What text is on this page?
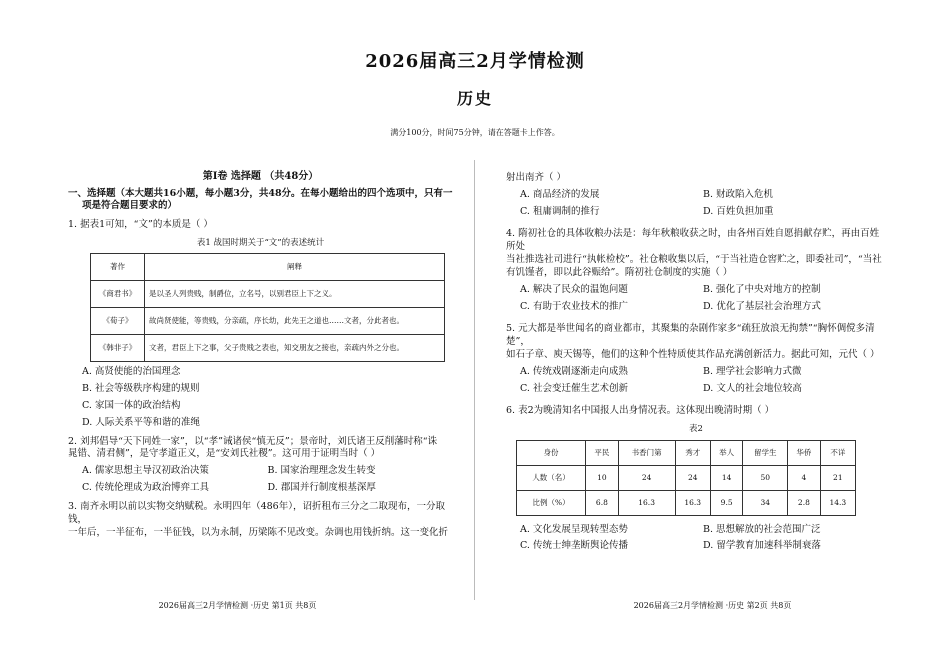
2026届高三2月学情检测
历史
满分100分，时间75分钟，请在答题卡上作答。
第Ⅰ卷 选择题 （共48分）

一、选择题（本大题共16小题，每小题3分，共48分。在每小题给出的四个选项中，只有一

项是符合题目要求的）

1. 据表1可知，“文”的本质是（ ）

表1 战国时期关于“文”的表述统计
著作	阐释
《商君书》	是以圣人列贵贱，制爵位，立名号，以别君臣上下之义。
《荀子》	故尚贤使能，等贵贱，分亲疏，序长幼，此先王之道也……文者，分此者也。
《韩非子》	文者，君臣上下之事，父子贵贱之表也，知交朋友之接也，亲疏内外之分也。

A. 高贤使能的治国理念

B. 社会等级秩序构建的规则

C. 家国一体的政治结构

D. 人际关系平等和谐的准绳

2. 刘邦倡导“天下同姓一家”，以“孝”诫诸侯“慎无反”；景帝时，刘氏诸王反削藩时称“诛

晁错、清君侧”，是守孝道正义，是“安刘氏社稷”。这可用于证明当时（ ）

A. 儒家思想主导汉初政治决策	B. 国家治理理念发生转变
C. 传统伦理成为政治博弈工具	D. 郡国并行制度根基深厚

3. 南齐永明以前以实物交纳赋税。永明四年（486年），诏折租布三分之二取现布，一分取钱，

一年后，一半征布，一半征钱，以为永制，历梁陈不见改变。杂调也用钱折纳。这一变化折

射出南齐（ ）

A. 商品经济的发展	B. 财政陷入危机
C. 租庸调制的推行	D. 百姓负担加重

4. 隋初社仓的具体收粮办法是：每年秋粮收获之时，由各州百姓自愿捐献存贮，再由百姓所处

当社推选社司进行“执帐检校”。社仓粮收集以后，“于当社造仓窖贮之，即委社司”，“当社

有饥馑者，即以此谷赈给”。隋初社仓制度的实施（ ）

A. 解决了民众的温饱问题	B. 强化了中央对地方的控制
C. 有助于农业技术的推广	D. 优化了基层社会治理方式

5. 元大都是举世闻名的商业都市，其聚集的杂剧作家多“疏狂放浪无拘禁”“胸怀倜傥多清楚”，

如石子章、庾天锡等，他们的这种个性特质使其作品充满创新活力。据此可知，元代（ ）

A. 传统戏剧逐渐走向成熟	B. 理学社会影响力式微
C. 社会变迁催生艺术创新	D. 文人的社会地位较高

6. 表2为晚清知名中国报人出身情况表。这体现出晚清时期（ ）

表2
身份	平民	书香门第	秀才	举人	留学生	华侨	不详
人数（名）	10	24	24	14	50	4	21
比例（%）	6.8	16.3	16.3	9.5	34	2.8	14.3
A. 文化发展呈现转型态势	B. 思想解放的社会范围广泛
C. 传统士绅垄断舆论传播	D. 留学教育加速科举制衰落
2026届高三2月学情检测 ·历史 第1页 共8页	2026届高三2月学情检测 ·历史 第2页 共8页
